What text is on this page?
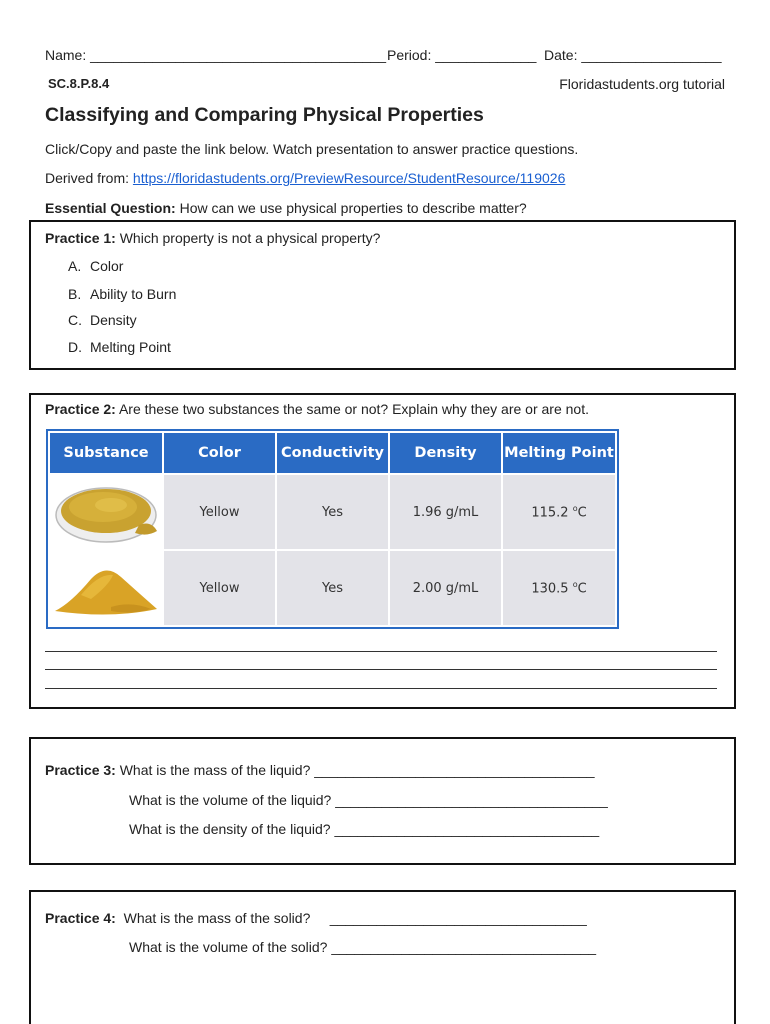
Name: ______________________________________ Period: _____________ Date: __________________
SC.8.P.8.4	Floridastudents.org tutorial
Classifying and Comparing Physical Properties
Click/Copy and paste the link below. Watch presentation to answer practice questions.
Derived from: https://floridastudents.org/PreviewResource/StudentResource/119026
Essential Question: How can we use physical properties to describe matter?
Practice 1: Which property is not a physical property?
A. Color
B. Ability to Burn
C. Density
D. Melting Point
Practice 2: Are these two substances the same or not? Explain why they are or are not.
Substance	Color	Conductivity	Density	Melting Point
	Yellow	Yes	1.96 g/mL	115.2 $^o$C
	Yellow	Yes	2.00 g/mL	130.5 $^o$C
Practice 3: What is the mass of the liquid? ____________________________________
What is the volume of the liquid? ___________________________________
What is the density of the liquid? __________________________________
Practice 4:  What is the mass of the solid?     _________________________________
What is the volume of the solid? __________________________________
